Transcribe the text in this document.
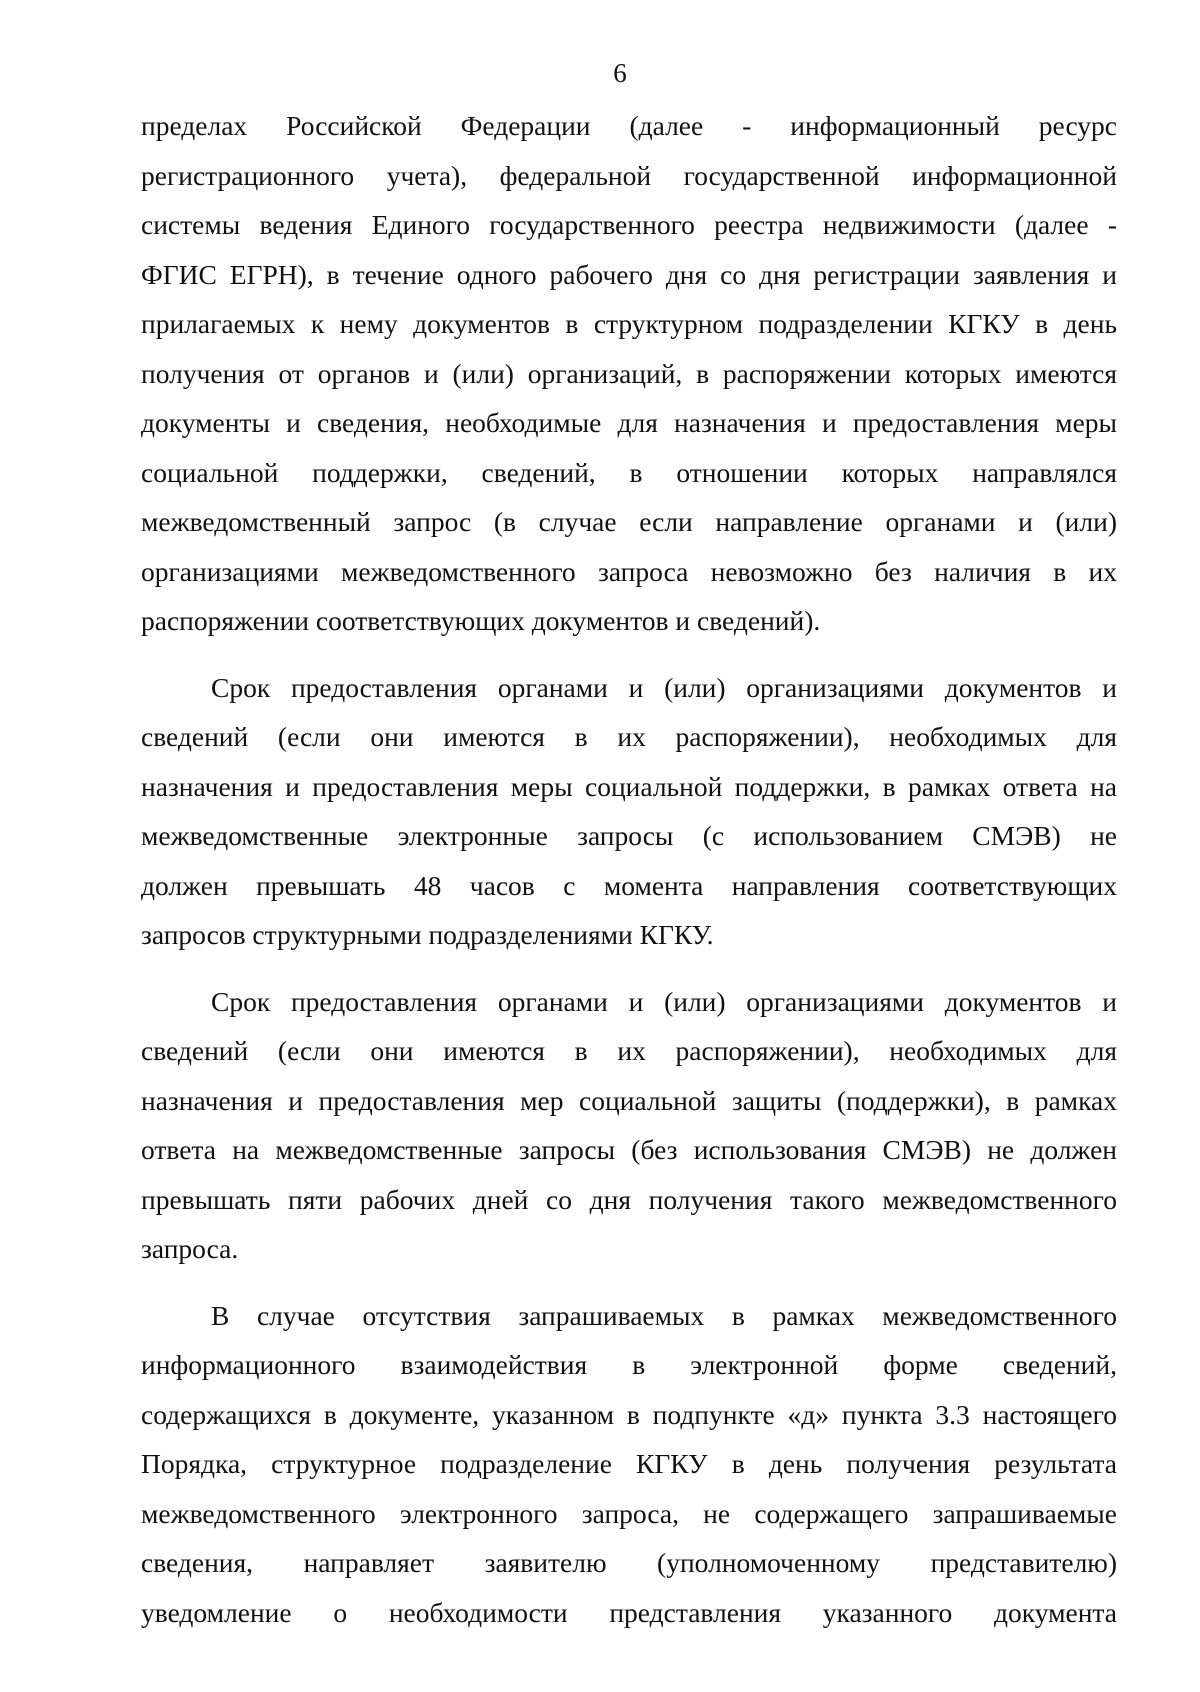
6
пределах Российской Федерации (далее - информационный ресурс
регистрационного учета), федеральной государственной информационной
системы ведения Единого государственного реестра недвижимости (далее -
ФГИС ЕГРН), в течение одного рабочего дня со дня регистрации заявления и
прилагаемых к нему документов в структурном подразделении КГКУ в день
получения от органов и (или) организаций, в распоряжении которых имеются
документы и сведения, необходимые для назначения и предоставления меры
социальной поддержки, сведений, в отношении которых направлялся
межведомственный запрос (в случае если направление органами и (или)
организациями межведомственного запроса невозможно без наличия в их
распоряжении соответствующих документов и сведений).
Срок предоставления органами и (или) организациями документов и
сведений (если они имеются в их распоряжении), необходимых для
назначения и предоставления меры социальной поддержки, в рамках ответа на
межведомственные электронные запросы (с использованием СМЭВ) не
должен превышать 48 часов с момента направления соответствующих
запросов структурными подразделениями КГКУ.
Срок предоставления органами и (или) организациями документов и
сведений (если они имеются в их распоряжении), необходимых для
назначения и предоставления мер социальной защиты (поддержки), в рамках
ответа на межведомственные запросы (без использования СМЭВ) не должен
превышать пяти рабочих дней со дня получения такого межведомственного
запроса.
В случае отсутствия запрашиваемых в рамках межведомственного
информационного взаимодействия в электронной форме сведений,
содержащихся в документе, указанном в подпункте «д» пункта 3.3 настоящего
Порядка, структурное подразделение КГКУ в день получения результата
межведомственного электронного запроса, не содержащего запрашиваемые
сведения, направляет заявителю (уполномоченному представителю)
уведомление о необходимости представления указанного документа
